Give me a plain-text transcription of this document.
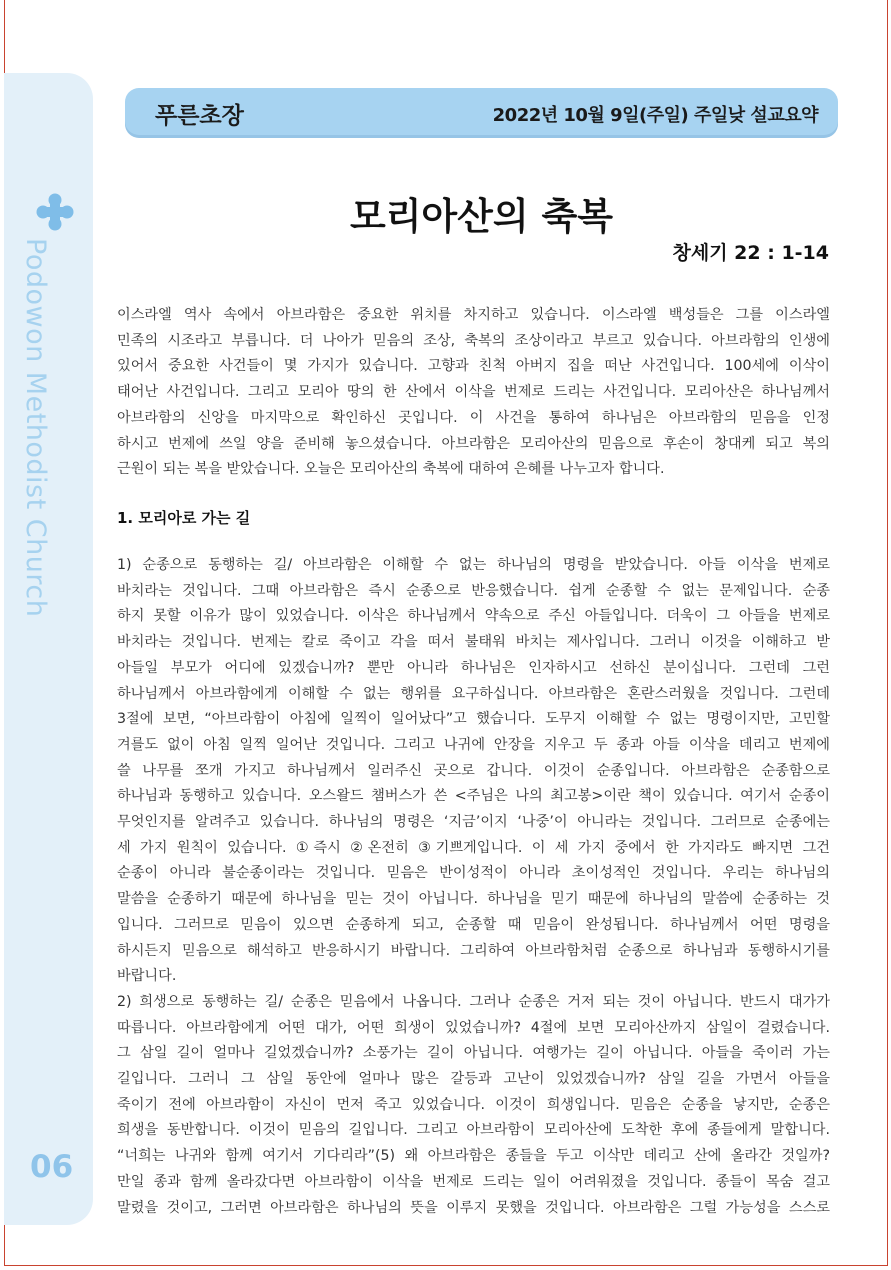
Podowon Methodist Church
06
푸른초장	2022년 10월 9일(주일) 주일낮 설교요약
모리아산의 축복
창세기 22 : 1-14
이스라엘 역사 속에서 아브라함은 중요한 위치를 차지하고 있습니다. 이스라엘 백성들은 그를 이스라엘
민족의 시조라고 부릅니다. 더 나아가 믿음의 조상, 축복의 조상이라고 부르고 있습니다. 아브라함의 인생에
있어서 중요한 사건들이 몇 가지가 있습니다. 고향과 친척 아버지 집을 떠난 사건입니다. 100세에 이삭이
태어난 사건입니다. 그리고 모리아 땅의 한 산에서 이삭을 번제로 드리는 사건입니다. 모리아산은 하나님께서
아브라함의 신앙을 마지막으로 확인하신 곳입니다. 이 사건을 통하여 하나님은 아브라함의 믿음을 인정
하시고 번제에 쓰일 양을 준비해 놓으셨습니다. 아브라함은 모리아산의 믿음으로 후손이 창대케 되고 복의
근원이 되는 복을 받았습니다. 오늘은 모리아산의 축복에 대하여 은혜를 나누고자 합니다.
1. 모리아로 가는 길
1) 순종으로 동행하는 길/ 아브라함은 이해할 수 없는 하나님의 명령을 받았습니다. 아들 이삭을 번제로
바치라는 것입니다. 그때 아브라함은 즉시 순종으로 반응했습니다. 쉽게 순종할 수 없는 문제입니다. 순종
하지 못할 이유가 많이 있었습니다. 이삭은 하나님께서 약속으로 주신 아들입니다. 더욱이 그 아들을 번제로
바치라는 것입니다. 번제는 칼로 죽이고 각을 떠서 불태워 바치는 제사입니다. 그러니 이것을 이해하고 받
아들일 부모가 어디에 있겠습니까? 뿐만 아니라 하나님은 인자하시고 선하신 분이십니다. 그런데 그런
하나님께서 아브라함에게 이해할 수 없는 행위를 요구하십니다. 아브라함은 혼란스러웠을 것입니다. 그런데
3절에 보면, “아브라함이 아침에 일찍이 일어났다”고 했습니다. 도무지 이해할 수 없는 명령이지만, 고민할
겨를도 없이 아침 일찍 일어난 것입니다. 그리고 나귀에 안장을 지우고 두 종과 아들 이삭을 데리고 번제에
쓸 나무를 쪼개 가지고 하나님께서 일러주신 곳으로 갑니다. 이것이 순종입니다. 아브라함은 순종함으로
하나님과 동행하고 있습니다. 오스왈드 챔버스가 쓴 <주님은 나의 최고봉>이란 책이 있습니다. 여기서 순종이
무엇인지를 알려주고 있습니다. 하나님의 명령은 ‘지금’이지 ‘나중’이 아니라는 것입니다. 그러므로 순종에는
세 가지 원칙이 있습니다. ①즉시 ②온전히 ③기쁘게입니다. 이 세 가지 중에서 한 가지라도 빠지면 그건
순종이 아니라 불순종이라는 것입니다. 믿음은 반이성적이 아니라 초이성적인 것입니다. 우리는 하나님의
말씀을 순종하기 때문에 하나님을 믿는 것이 아닙니다. 하나님을 믿기 때문에 하나님의 말씀에 순종하는 것
입니다. 그러므로 믿음이 있으면 순종하게 되고, 순종할 때 믿음이 완성됩니다. 하나님께서 어떤 명령을
하시든지 믿음으로 해석하고 반응하시기 바랍니다. 그리하여 아브라함처럼 순종으로 하나님과 동행하시기를
바랍니다.
2) 희생으로 동행하는 길/ 순종은 믿음에서 나옵니다. 그러나 순종은 거저 되는 것이 아닙니다. 반드시 대가가
따릅니다. 아브라함에게 어떤 대가, 어떤 희생이 있었습니까? 4절에 보면 모리아산까지 삼일이 걸렸습니다.
그 삼일 길이 얼마나 길었겠습니까? 소풍가는 길이 아닙니다. 여행가는 길이 아닙니다. 아들을 죽이러 가는
길입니다. 그러니 그 삼일 동안에 얼마나 많은 갈등과 고난이 있었겠습니까? 삼일 길을 가면서 아들을
죽이기 전에 아브라함이 자신이 먼저 죽고 있었습니다. 이것이 희생입니다. 믿음은 순종을 낳지만, 순종은
희생을 동반합니다. 이것이 믿음의 길입니다. 그리고 아브라함이 모리아산에 도착한 후에 종들에게 말합니다.
“너희는 나귀와 함께 여기서 기다리라”(5) 왜 아브라함은 종들을 두고 이삭만 데리고 산에 올라간 것일까?
만일 종과 함께 올라갔다면 아브라함이 이삭을 번제로 드리는 일이 어려워졌을 것입니다. 종들이 목숨 걸고
말렸을 것이고, 그러면 아브라함은 하나님의 뜻을 이루지 못했을 것입니다. 아브라함은 그럴 가능성을 스스로
